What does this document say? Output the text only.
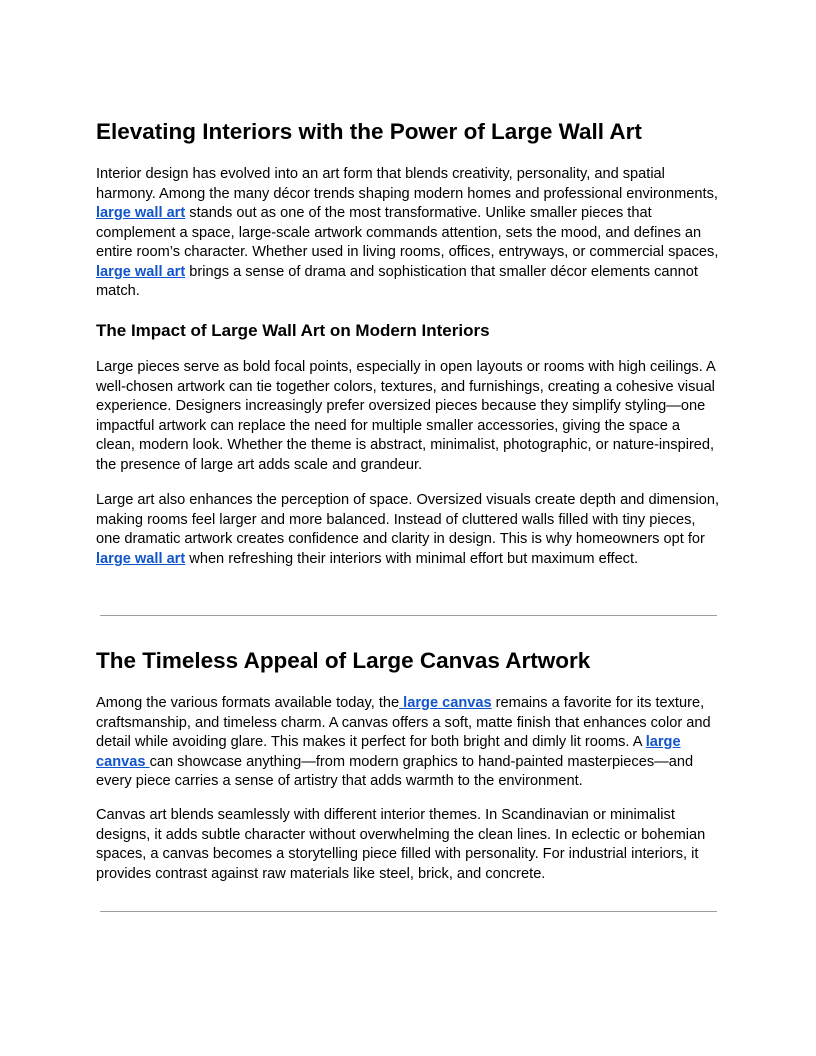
Elevating Interiors with the Power of Large Wall Art

Interior design has evolved into an art form that blends creativity, personality, and spatial harmony. Among the many décor trends shaping modern homes and professional environments, large wall art stands out as one of the most transformative. Unlike smaller pieces that complement a space, large-scale artwork commands attention, sets the mood, and defines an entire room’s character. Whether used in living rooms, offices, entryways, or commercial spaces, large wall art brings a sense of drama and sophistication that smaller décor elements cannot match.

The Impact of Large Wall Art on Modern Interiors

Large pieces serve as bold focal points, especially in open layouts or rooms with high ceilings. A well-chosen artwork can tie together colors, textures, and furnishings, creating a cohesive visual experience. Designers increasingly prefer oversized pieces because they simplify styling—one impactful artwork can replace the need for multiple smaller accessories, giving the space a clean, modern look. Whether the theme is abstract, minimalist, photographic, or nature-inspired, the presence of large art adds scale and grandeur.

Large art also enhances the perception of space. Oversized visuals create depth and dimension, making rooms feel larger and more balanced. Instead of cluttered walls filled with tiny pieces, one dramatic artwork creates confidence and clarity in design. This is why homeowners opt for large wall art when refreshing their interiors with minimal effort but maximum effect.

The Timeless Appeal of Large Canvas Artwork

Among the various formats available today, the large canvas remains a favorite for its texture, craftsmanship, and timeless charm. A canvas offers a soft, matte finish that enhances color and detail while avoiding glare. This makes it perfect for both bright and dimly lit rooms. A large canvas can showcase anything—from modern graphics to hand-painted masterpieces—and every piece carries a sense of artistry that adds warmth to the environment.

Canvas art blends seamlessly with different interior themes. In Scandinavian or minimalist designs, it adds subtle character without overwhelming the clean lines. In eclectic or bohemian spaces, a canvas becomes a storytelling piece filled with personality. For industrial interiors, it provides contrast against raw materials like steel, brick, and concrete.
